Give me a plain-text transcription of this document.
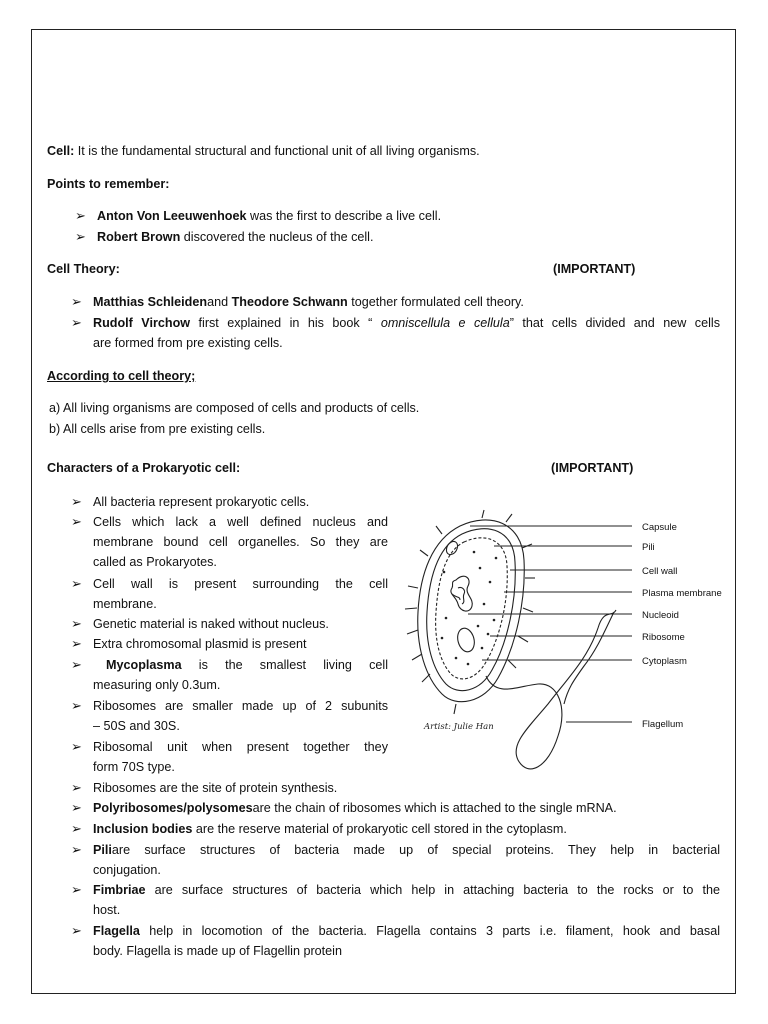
Cell: It is the fundamental structural and functional unit of all living organisms.
Points to remember:
➢ Anton Von Leeuwenhoek was the first to describe a live cell.
➢ Robert Brown discovered the nucleus of the cell.
Cell Theory:	(IMPORTANT)
➢ Matthias Schleidenand Theodore Schwann together formulated cell theory.
➢ Rudolf Virchow first explained in his book “ omniscellula e cellula” that cells divided and new cells
are formed from pre existing cells.
According to cell theory;
a) All living organisms are composed of cells and products of cells.
b) All cells arise from pre existing cells.
Characters of a Prokaryotic cell:	(IMPORTANT)
➢ All bacteria represent prokaryotic cells.
➢ Cells which lack a well defined nucleus and
membrane bound cell organelles. So they are
called as Prokaryotes.
➢ Cell wall is present surrounding the cell
membrane.
➢ Genetic material is naked without nucleus.
➢ Extra chromosomal plasmid is present
➢ Mycoplasma is the smallest living cell
measuring only 0.3um.
➢ Ribosomes are smaller made up of 2 subunits
– 50S and 30S.
➢ Ribosomal unit when present together they
form 70S type.
➢ Ribosomes are the site of protein synthesis.
➢ Polyribosomes/polysomesare the chain of ribosomes which is attached to the single mRNA.
➢ Inclusion bodies are the reserve material of prokaryotic cell stored in the cytoplasm.
➢ Piliare surface structures of bacteria made up of special proteins. They help in bacterial
conjugation.
➢ Fimbriae are surface structures of bacteria which help in attaching bacteria to the rocks or to the
host.
➢ Flagella help in locomotion of the bacteria. Flagella contains 3 parts i.e. filament, hook and basal
body. Flagella is made up of Flagellin protein
Capsule
Pili
Cell wall
Plasma membrane
Nucleoid
Ribosome
Cytoplasm
Flagellum
Artist: Julie Han
